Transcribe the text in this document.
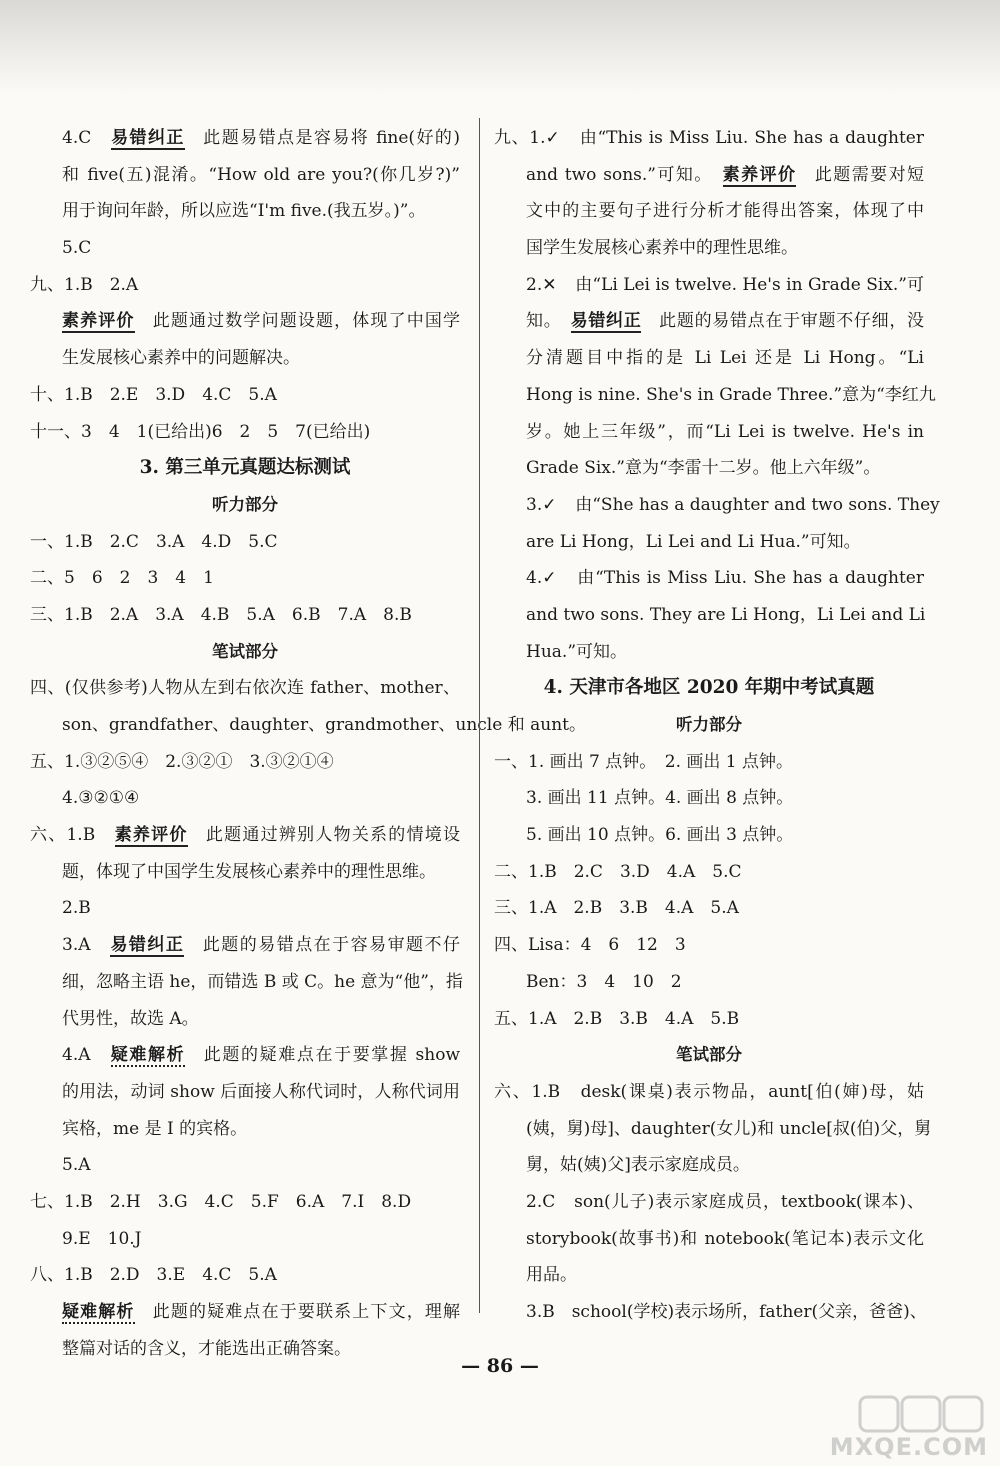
4.C　易错纠正　此题易错点是容易将 fine(好的)
和 five(五)混淆。“How old are you?(你几岁?)”
用于询问年龄，所以应选“I'm five.(我五岁。)”。
5.C
九、1.B　2.A
素养评价　此题通过数学问题设题，体现了中国学
生发展核心素养中的问题解决。
十、1.B　2.E　3.D　4.C　5.A
十一、3　4　1(已给出)6　2　5　7(已给出)
3. 第三单元真题达标测试
听力部分
一、1.B　2.C　3.A　4.D　5.C
二、5　6　2　3　4　1
三、1.B　2.A　3.A　4.B　5.A　6.B　7.A　8.B
笔试部分
四、(仅供参考)人物从左到右依次连 father、mother、
son、grandfather、daughter、grandmother、uncle 和 aunt。
五、1.③②⑤④　2.③②①　3.③②①④
4.③②①④
六、1.B　素养评价　此题通过辨别人物关系的情境设
题，体现了中国学生发展核心素养中的理性思维。
2.B
3.A　易错纠正　此题的易错点在于容易审题不仔
细，忽略主语 he，而错选 B 或 C。he 意为“他”，指
代男性，故选 A。
4.A　疑难解析　此题的疑难点在于要掌握 show
的用法，动词 show 后面接人称代词时，人称代词用
宾格，me 是 I 的宾格。
5.A
七、1.B　2.H　3.G　4.C　5.F　6.A　7.I　8.D
9.E　10.J
八、1.B　2.D　3.E　4.C　5.A
疑难解析　此题的疑难点在于要联系上下文，理解
整篇对话的含义，才能选出正确答案。
九、1.✓　由“This is Miss Liu. She has a daughter
and two sons.”可知。　素养评价　此题需要对短
文中的主要句子进行分析才能得出答案，体现了中
国学生发展核心素养中的理性思维。
2.✕　由“Li Lei is twelve. He's in Grade Six.”可
知。　易错纠正　此题的易错点在于审题不仔细，没
分清题目中指的是 Li Lei 还是 Li Hong。“Li
Hong is nine. She's in Grade Three.”意为“李红九
岁。她上三年级”，而“Li Lei is twelve. He's in
Grade Six.”意为“李雷十二岁。他上六年级”。
3.✓　由“She has a daughter and two sons. They
are Li Hong，Li Lei and Li Hua.”可知。
4.✓　由“This is Miss Liu. She has a daughter
and two sons. They are Li Hong，Li Lei and Li
Hua.”可知。
4. 天津市各地区 2020 年期中考试真题
听力部分
一、1. 画出 7 点钟。　2. 画出 1 点钟。
3. 画出 11 点钟。4. 画出 8 点钟。
5. 画出 10 点钟。6. 画出 3 点钟。
二、1.B　2.C　3.D　4.A　5.C
三、1.A　2.B　3.B　4.A　5.A
四、Lisa：4　6　12　3
Ben：3　4　10　2
五、1.A　2.B　3.B　4.A　5.B
笔试部分
六、1.B　desk(课桌)表示物品，aunt[伯(婶)母，姑
(姨，舅)母]、daughter(女儿)和 uncle[叔(伯)父，舅
舅，姑(姨)父]表示家庭成员。
2.C　son(儿子)表示家庭成员，textbook(课本)、
storybook(故事书)和 notebook(笔记本)表示文化
用品。
3.B　school(学校)表示场所，father(父亲，爸爸)、
— 86 —
MXQE.COM
